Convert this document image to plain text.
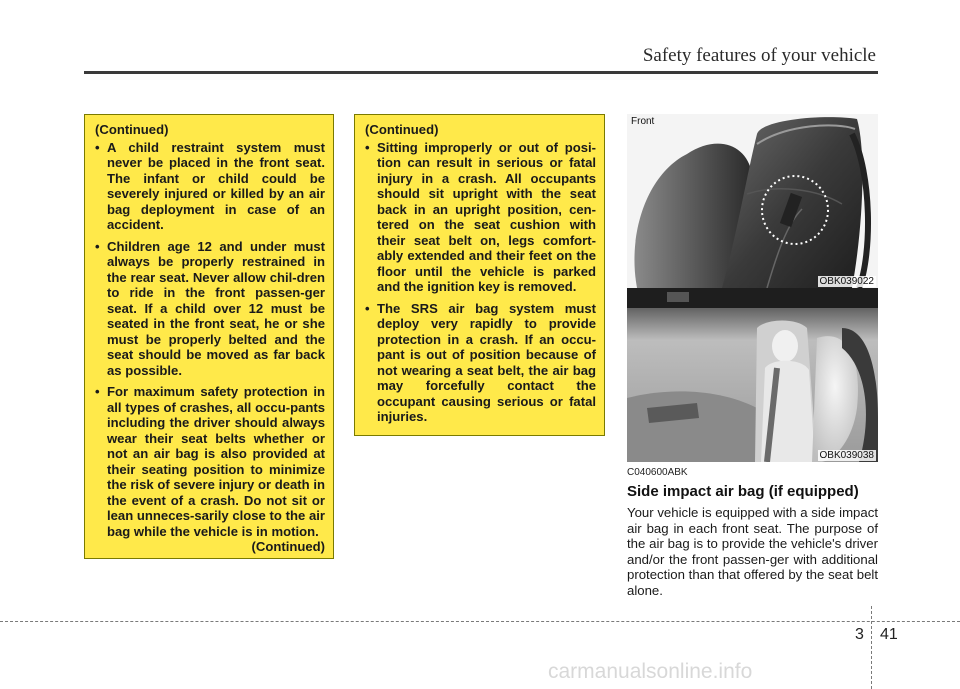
Safety features of your vehicle
(Continued)
• A child restraint system must never be placed in the front seat. The infant or child could be severely injured or killed by an air bag deployment in case of an accident.
• Children age 12 and under must always be properly restrained in the rear seat. Never allow chil-dren to ride in the front passen-ger seat. If a child over 12 must be seated in the front seat, he or she must be properly belted and the seat should be moved as far back as possible.
• For maximum safety protection in all types of crashes, all occu-pants including the driver should always wear their seat belts whether or not an air bag is also provided at their seating position to minimize the risk of severe injury or death in the event of a crash. Do not sit or lean unneces-sarily close to the air bag while the vehicle is in motion.
(Continued)
(Continued)
• Sitting improperly or out of posi-tion can result in serious or fatal injury in a crash. All occupants should sit upright with the seat back in an upright position, cen-tered on the seat cushion with their seat belt on, legs comfort-ably extended and their feet on the floor until the vehicle is parked and the ignition key is removed.
• The SRS air bag system must deploy very rapidly to provide protection in a crash. If an occu-pant is out of position because of not wearing a seat belt, the air bag may forcefully contact the occupant causing serious or fatal injuries.
Front
OBK039022
OBK039038
C040600ABK
Side impact air bag (if equipped)
Your vehicle is equipped with a side impact air bag in each front seat. The purpose of the air bag is to provide the vehicle's driver and/or the front passen-ger with additional protection than that offered by the seat belt alone.
3 41
carmanualsonline.info
